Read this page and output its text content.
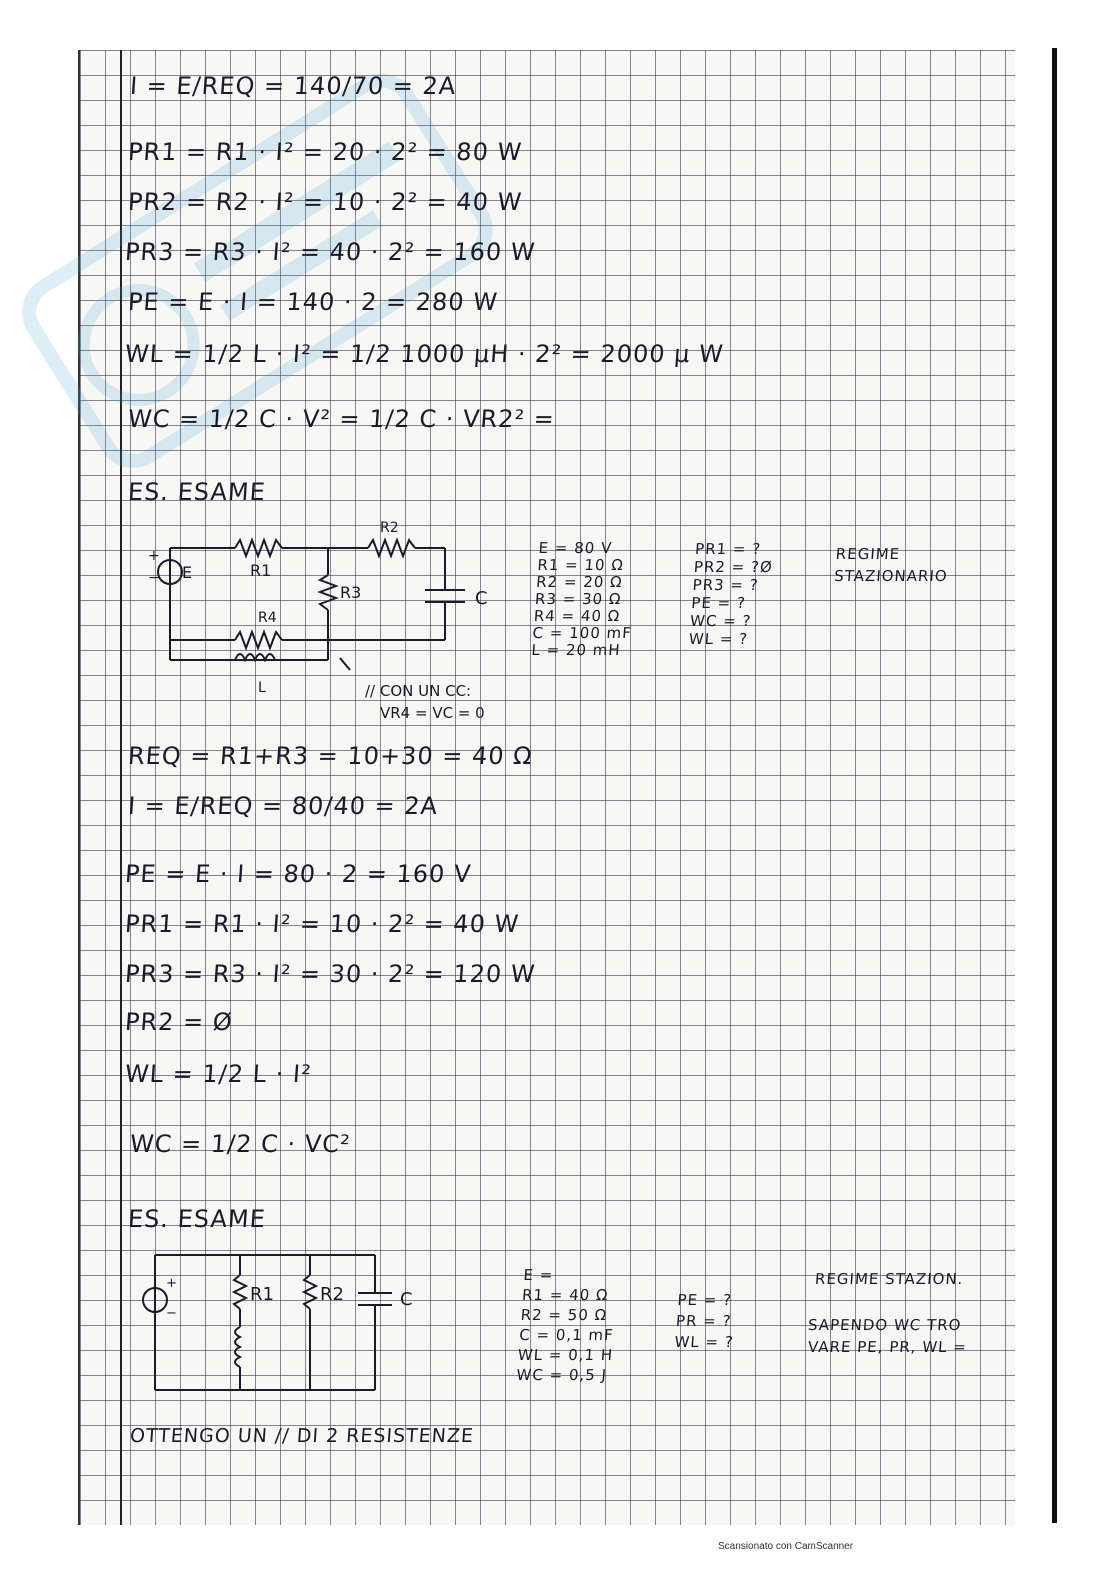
I = E/REQ = 140/70 = 2A
PR1 = R1 · I² = 20 · 2² = 80 W
PR2 = R2 · I² = 10 · 2² = 40 W
PR3 = R3 · I² = 40 · 2² = 160 W
PE = E · I = 140 · 2 = 280 W
WL = 1/2 L · I² = 1/2 1000 μH · 2² = 2000 μ W
WC = 1/2 C · V² = 1/2 C · VR2² =
ES. ESAME
+
− E	R1
R2
R3
R4
L
C
// CON UN CC:
VR4 = VC = 0
E = 80 V
R1 = 10 Ω
R2 = 20 Ω
R3 = 30 Ω
R4 = 40 Ω
C = 100 mF
L = 20 mH
PR1 = ?
PR2 = ?Ø
PR3 = ?
PE = ?
WC = ?
WL = ?
REGIME
STAZIONARIO
REQ = R1+R3 = 10+30 = 40 Ω
I = E/REQ = 80/40 = 2A
PE = E · I = 80 · 2 = 160 V
PR1 = R1 · I² = 10 · 2² = 40 W
PR3 = R3 · I² = 30 · 2² = 120 W
PR2 = Ø
WL = 1/2 L · I²
WC = 1/2 C · VC²
ES. ESAME
+
−
R1	R2	C
E =
R1 = 40 Ω
R2 = 50 Ω
C = 0,1 mF
WL = 0,1 H
WC = 0,5 J
PE = ?
PR = ?
WL = ?
REGIME STAZION.
SAPENDO WC TRO
VARE PE, PR, WL =
OTTENGO UN // DI 2 RESISTENZE
Scansionato con CamScanner
